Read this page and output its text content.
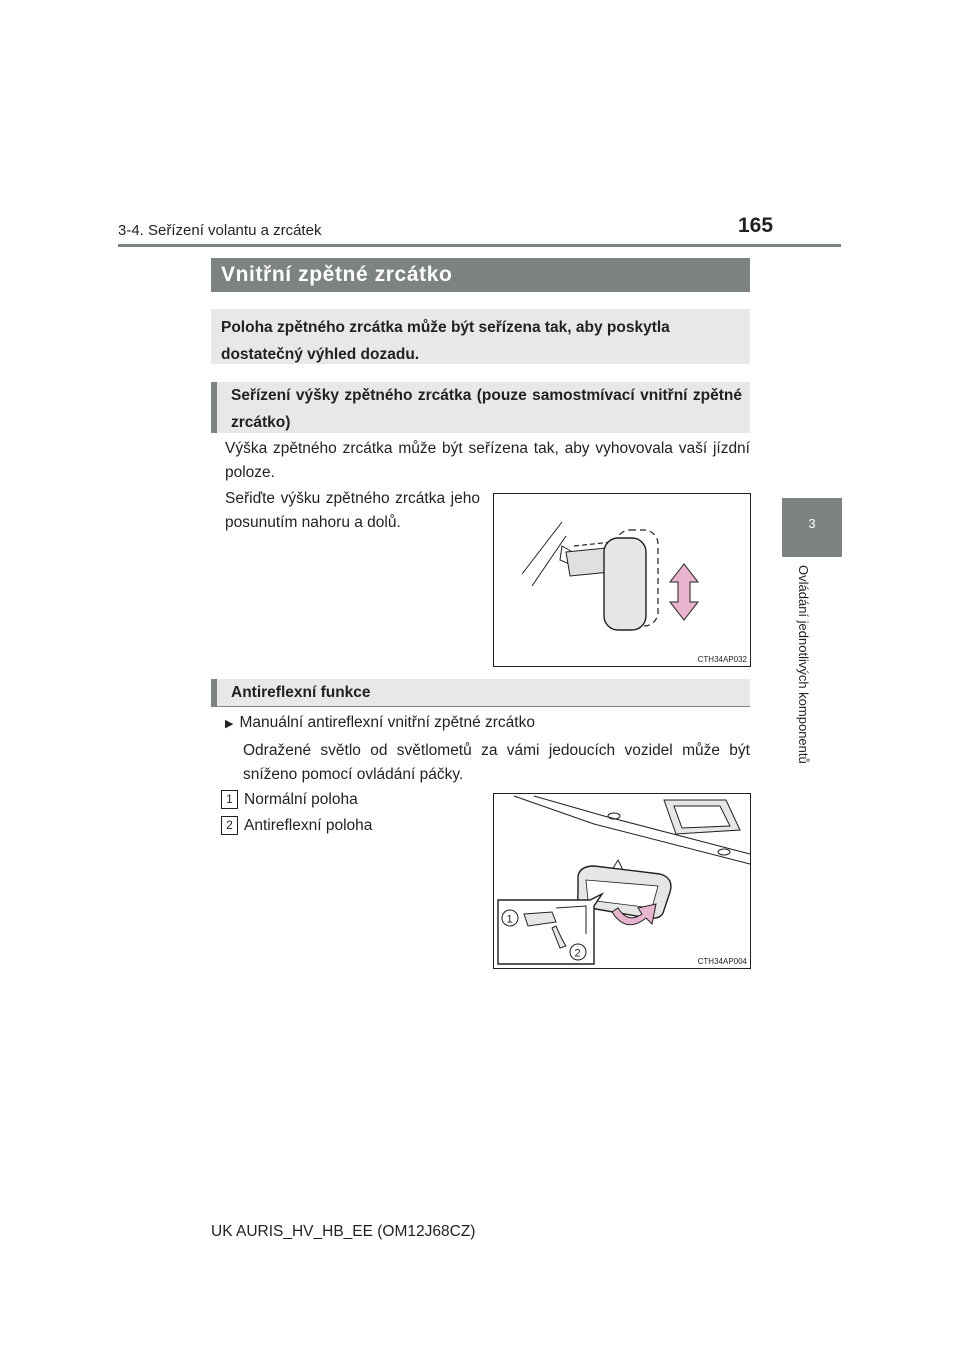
3-4. Seřízení volantu a zrcátek	165
3
Ovládání jednotlivých komponentů
Vnitřní zpětné zrcátko
Poloha zpětného zrcátka může být seřízena tak, aby poskytla dostatečný výhled dozadu.
Seřízení výšky zpětného zrcátka (pouze samostmívací vnitřní zpětné zrcátko)
Výška zpětného zrcátka může být seřízena tak, aby vyhovovala vaší jízdní poloze.
Seřiďte výšku zpětného zrcátka jeho posunutím nahoru a dolů.
CTH34AP032
Antireflexní funkce
▶ Manuální antireflexní vnitřní zpětné zrcátko
Odražené světlo od světlometů za vámi jedoucích vozidel může být sníženo pomocí ovládání páčky.
1 Normální poloha
2 Antireflexní poloha
1
2
CTH34AP004
UK AURIS_HV_HB_EE (OM12J68CZ)
